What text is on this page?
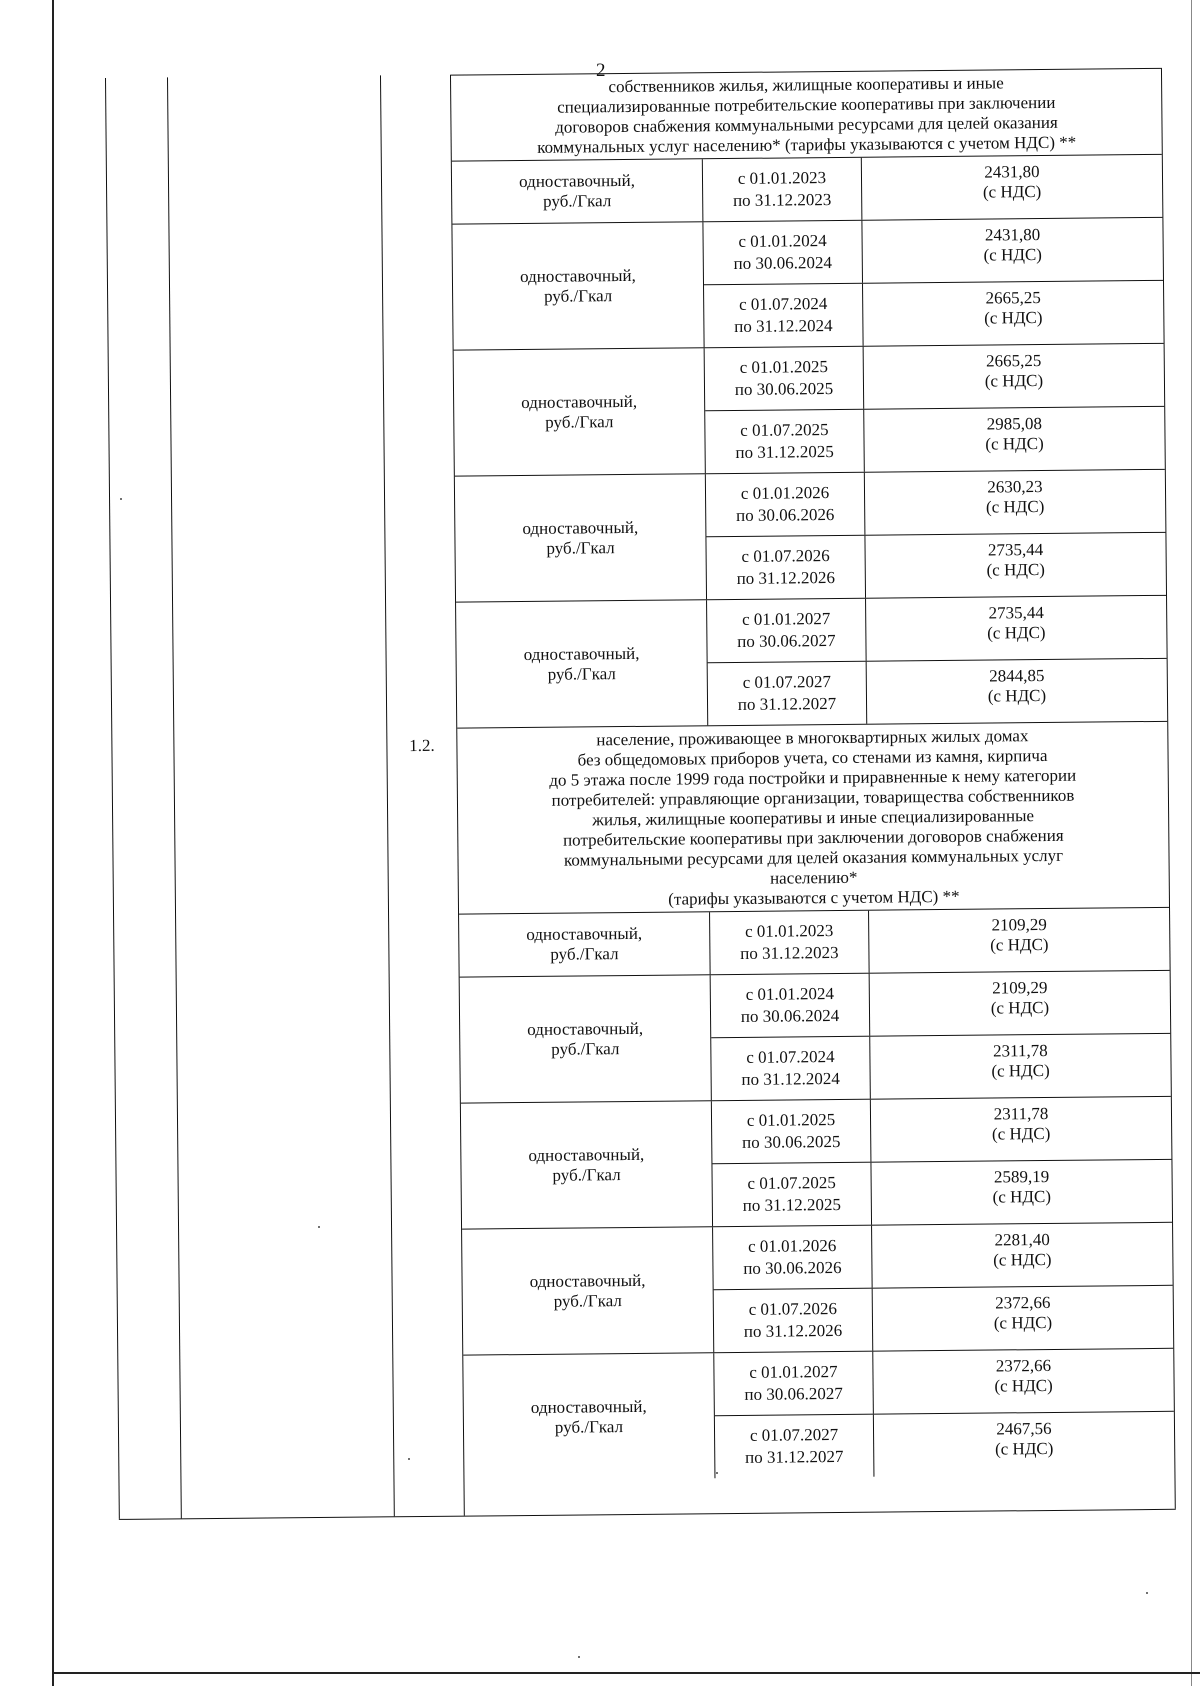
2
1.2.
собственников жилья, жилищные кооперативы и иные
специализированные потребительские кооперативы при заключении
договоров снабжения коммунальными ресурсами для целей оказания
коммунальных услуг населению* (тарифы указываются с учетом НДС) **
одноставочный,
руб./Гкал
с 01.01.2023
по 31.12.2023
2431,80
(с НДС)
одноставочный,
руб./Гкал
с 01.01.2024
по 30.06.2024
2431,80
(с НДС)
с 01.07.2024
по 31.12.2024
2665,25
(с НДС)
одноставочный,
руб./Гкал
с 01.01.2025
по 30.06.2025
2665,25
(с НДС)
с 01.07.2025
по 31.12.2025
2985,08
(с НДС)
одноставочный,
руб./Гкал
с 01.01.2026
по 30.06.2026
2630,23
(с НДС)
с 01.07.2026
по 31.12.2026
2735,44
(с НДС)
одноставочный,
руб./Гкал
с 01.01.2027
по 30.06.2027
2735,44
(с НДС)
с 01.07.2027
по 31.12.2027
2844,85
(с НДС)
население, проживающее в многоквартирных жилых домах
без общедомовых приборов учета, со стенами из камня, кирпича
до 5 этажа после 1999 года постройки и приравненные к нему категории
потребителей: управляющие организации, товарищества собственников
жилья, жилищные кооперативы и иные специализированные
потребительские кооперативы при заключении договоров снабжения
коммунальными ресурсами для целей оказания коммунальных услуг
населению*
(тарифы указываются с учетом НДС) **
одноставочный,
руб./Гкал
с 01.01.2023
по 31.12.2023
2109,29
(с НДС)
одноставочный,
руб./Гкал
с 01.01.2024
по 30.06.2024
2109,29
(с НДС)
с 01.07.2024
по 31.12.2024
2311,78
(с НДС)
одноставочный,
руб./Гкал
с 01.01.2025
по 30.06.2025
2311,78
(с НДС)
с 01.07.2025
по 31.12.2025
2589,19
(с НДС)
одноставочный,
руб./Гкал
с 01.01.2026
по 30.06.2026
2281,40
(с НДС)
с 01.07.2026
по 31.12.2026
2372,66
(с НДС)
одноставочный,
руб./Гкал
с 01.01.2027
по 30.06.2027
2372,66
(с НДС)
с 01.07.2027
по 31.12.2027
2467,56
(с НДС)
